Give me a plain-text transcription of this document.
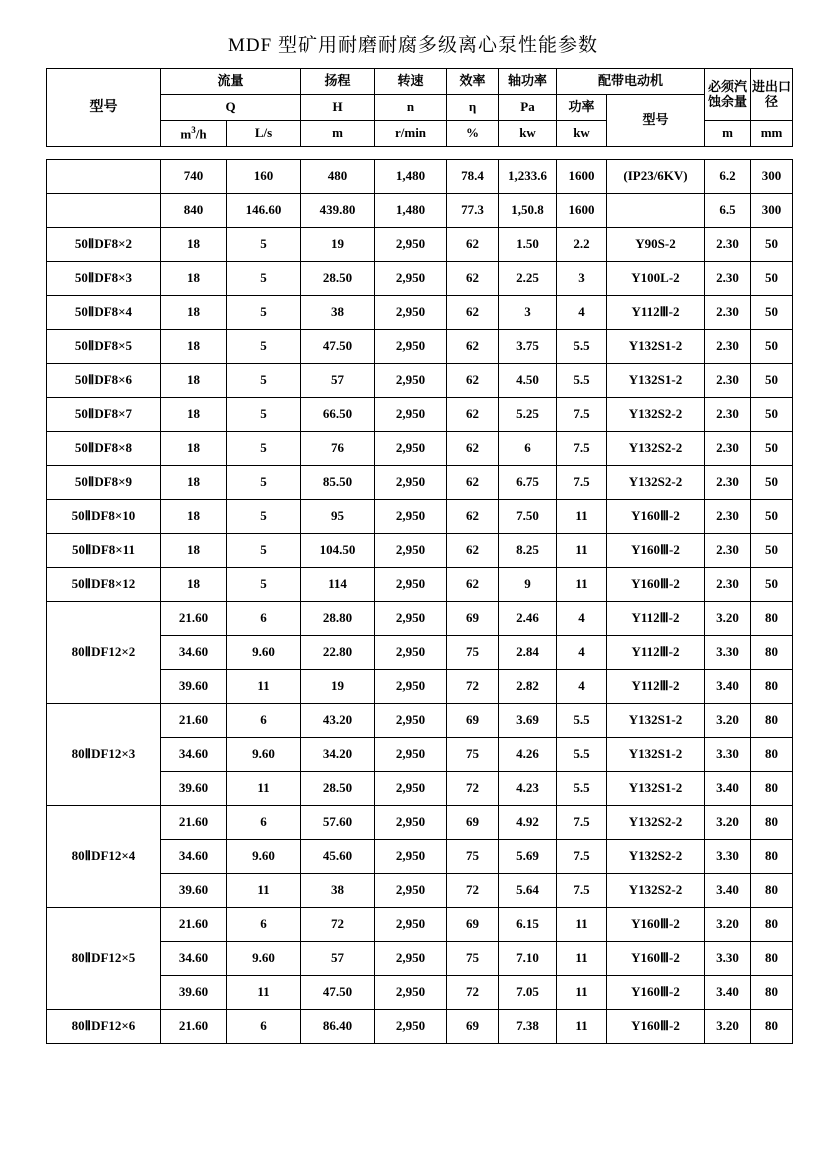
MDF 型矿用耐磨耐腐多级离心泵性能参数
型号	流量		扬程	转速	效率	轴功率	配带电动机		必须汽蚀余量	进出口径
	Q		H	n	η	Pa	功率	型号		
	$m^3/h$	L/s	m	r/min	%	kw	kw		m	mm
	740	160	480	1,480	78.4	1,233.6	1600	(IP23/6KV)	6.2	300
	840	146.60	439.80	1,480	77.3	1,50.8	1600		6.5	300
50ⅡDF8×2	18	5	19	2,950	62	1.50	2.2	Y90S-2	2.30	50
50ⅡDF8×3	18	5	28.50	2,950	62	2.25	3	Y100L-2	2.30	50
50ⅡDF8×4	18	5	38	2,950	62	3	4	Y112Ⅲ-2	2.30	50
50ⅡDF8×5	18	5	47.50	2,950	62	3.75	5.5	Y132S1-2	2.30	50
50ⅡDF8×6	18	5	57	2,950	62	4.50	5.5	Y132S1-2	2.30	50
50ⅡDF8×7	18	5	66.50	2,950	62	5.25	7.5	Y132S2-2	2.30	50
50ⅡDF8×8	18	5	76	2,950	62	6	7.5	Y132S2-2	2.30	50
50ⅡDF8×9	18	5	85.50	2,950	62	6.75	7.5	Y132S2-2	2.30	50
50ⅡDF8×10	18	5	95	2,950	62	7.50	11	Y160Ⅲ-2	2.30	50
50ⅡDF8×11	18	5	104.50	2,950	62	8.25	11	Y160Ⅲ-2	2.30	50
50ⅡDF8×12	18	5	114	2,950	62	9	11	Y160Ⅲ-2	2.30	50
80ⅡDF12×2	21.60	6	28.80	2,950	69	2.46	4	Y112Ⅲ-2	3.20	80
	34.60	9.60	22.80	2,950	75	2.84	4	Y112Ⅲ-2	3.30	80
	39.60	11	19	2,950	72	2.82	4	Y112Ⅲ-2	3.40	80
80ⅡDF12×3	21.60	6	43.20	2,950	69	3.69	5.5	Y132S1-2	3.20	80
	34.60	9.60	34.20	2,950	75	4.26	5.5	Y132S1-2	3.30	80
	39.60	11	28.50	2,950	72	4.23	5.5	Y132S1-2	3.40	80
80ⅡDF12×4	21.60	6	57.60	2,950	69	4.92	7.5	Y132S2-2	3.20	80
	34.60	9.60	45.60	2,950	75	5.69	7.5	Y132S2-2	3.30	80
	39.60	11	38	2,950	72	5.64	7.5	Y132S2-2	3.40	80
80ⅡDF12×5	21.60	6	72	2,950	69	6.15	11	Y160Ⅲ-2	3.20	80
	34.60	9.60	57	2,950	75	7.10	11	Y160Ⅲ-2	3.30	80
	39.60	11	47.50	2,950	72	7.05	11	Y160Ⅲ-2	3.40	80
80ⅡDF12×6	21.60	6	86.40	2,950	69	7.38	11	Y160Ⅲ-2	3.20	80
